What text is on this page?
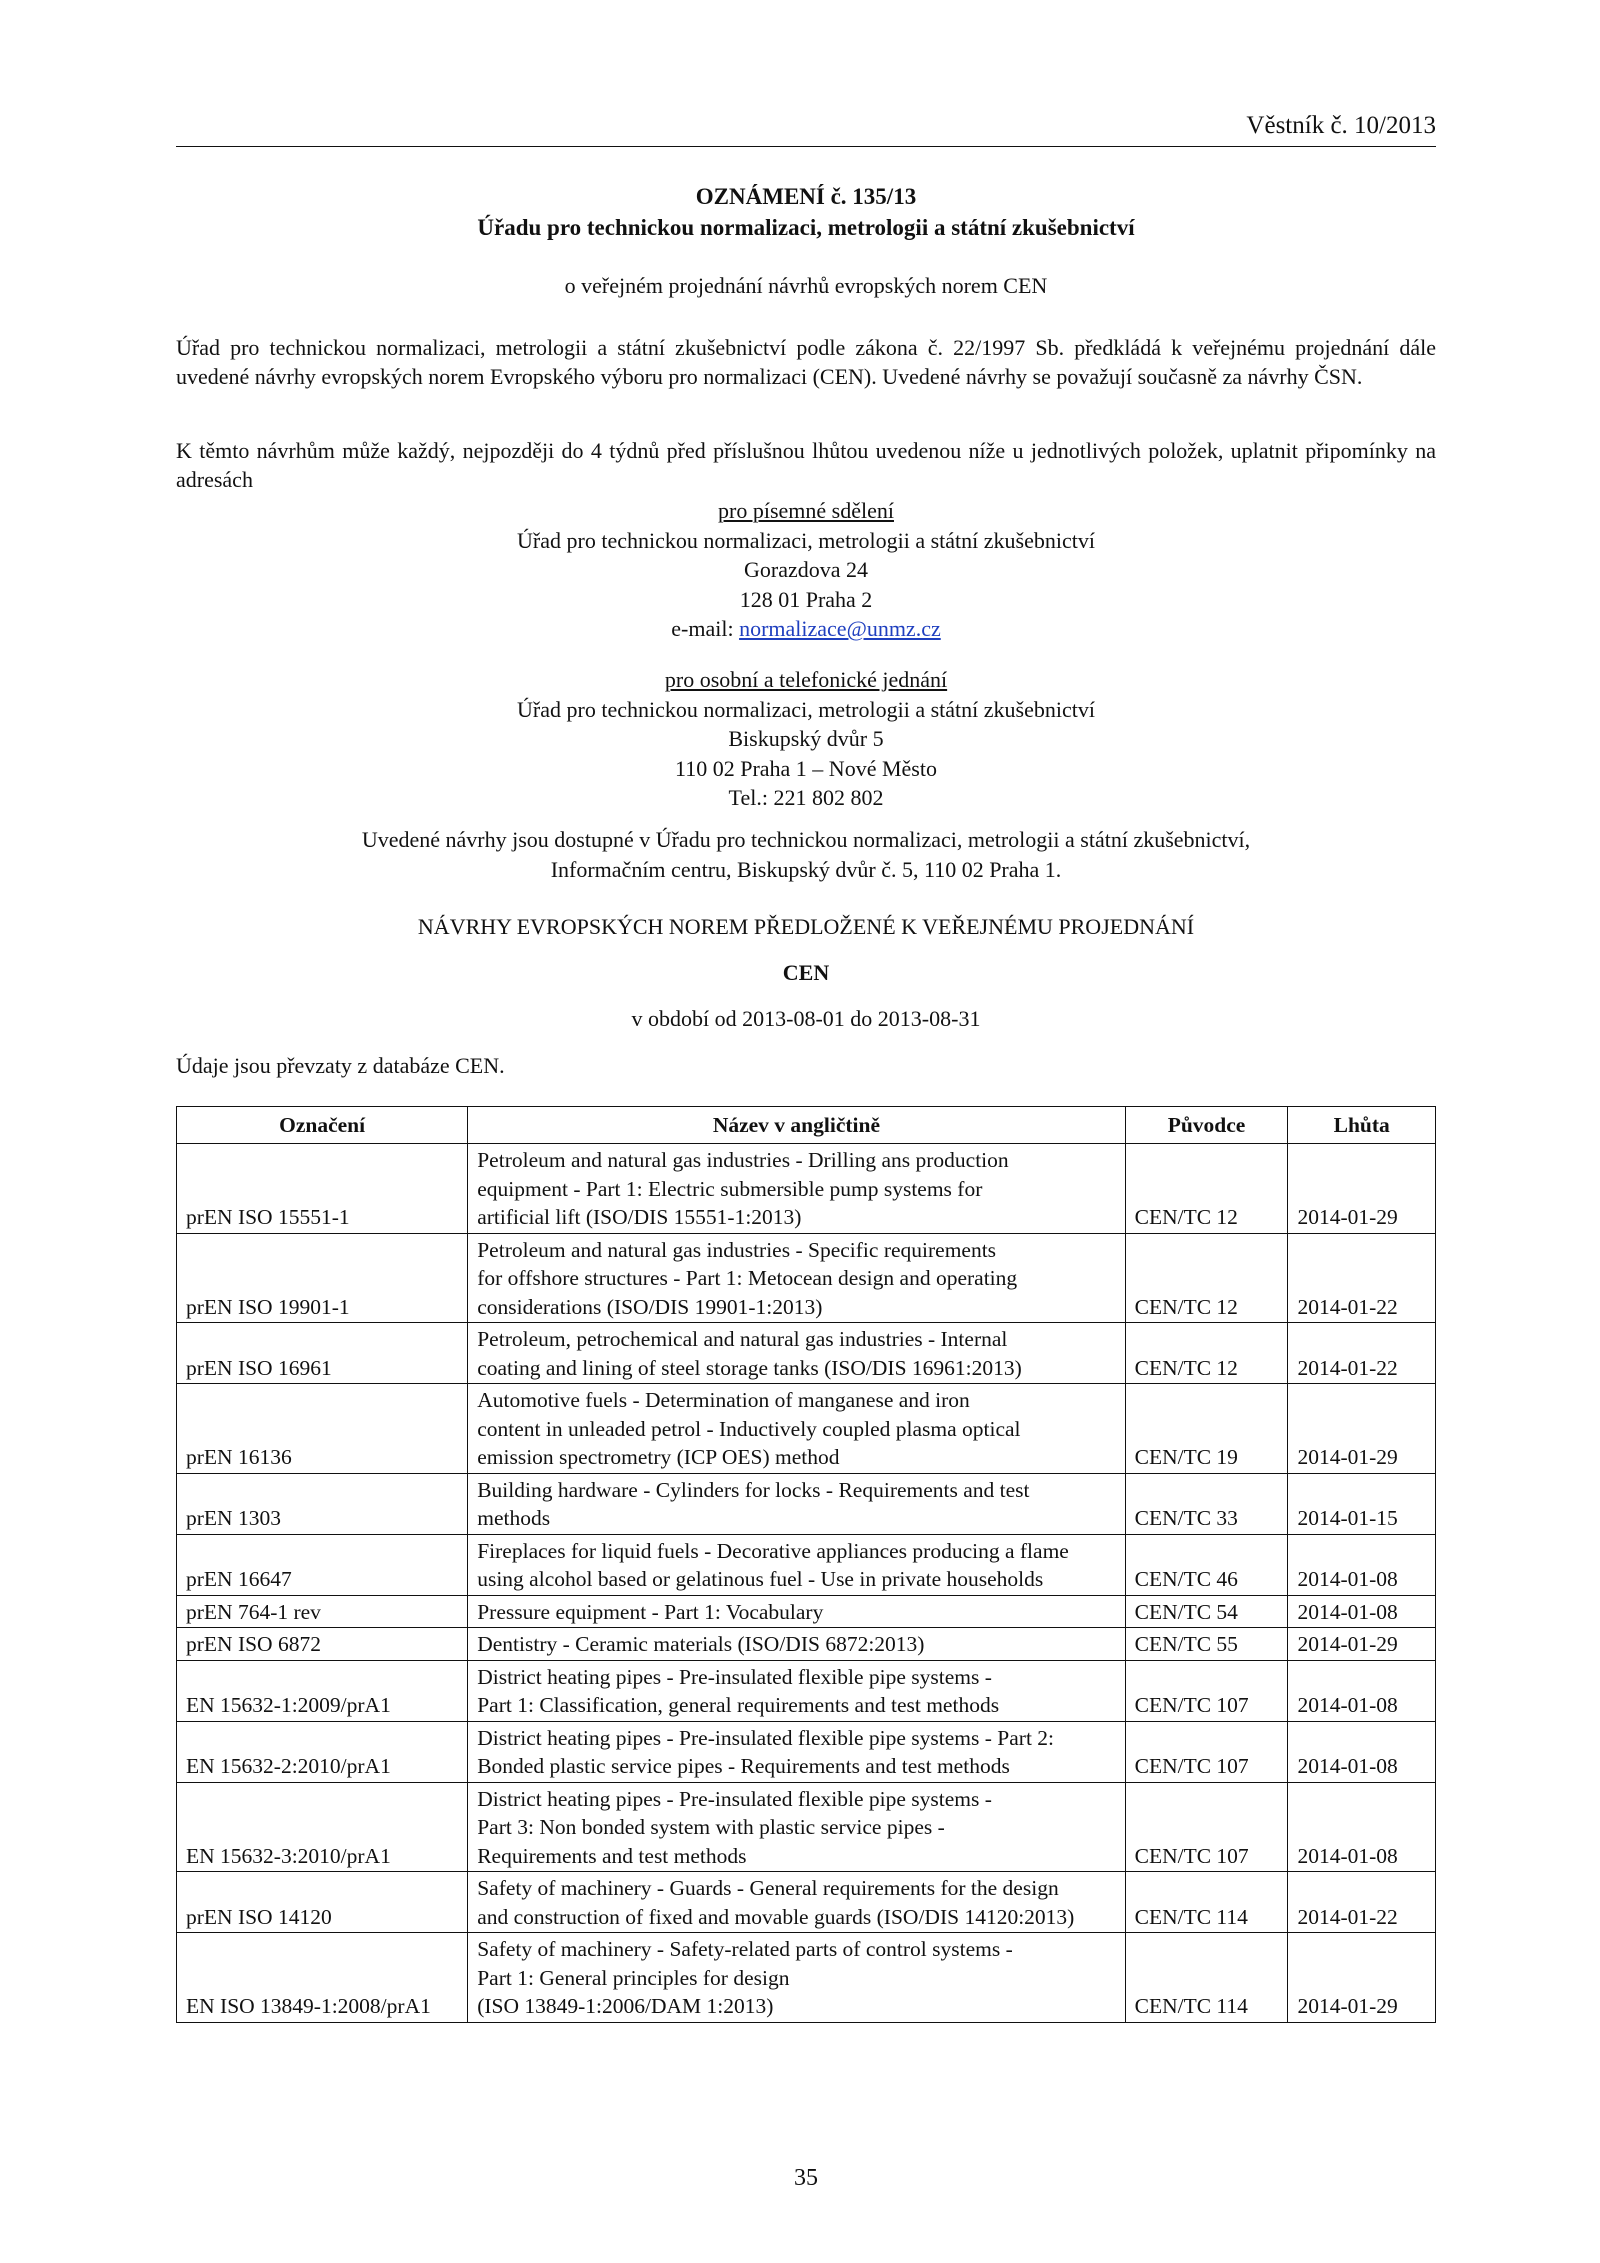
Věstník č. 10/2013
OZNÁMENÍ č. 135/13
Úřadu pro technickou normalizaci, metrologii a státní zkušebnictví
o veřejném projednání návrhů evropských norem CEN
Úřad pro technickou normalizaci, metrologii a státní zkušebnictví podle zákona č. 22/1997 Sb. předkládá k veřejnému projednání dále uvedené návrhy evropských norem Evropského výboru pro normalizaci (CEN). Uvedené návrhy se považují současně za návrhy ČSN.
K těmto návrhům může každý, nejpozději do 4 týdnů před příslušnou lhůtou uvedenou níže u jednotlivých položek, uplatnit připomínky na adresách
pro písemné sdělení
Úřad pro technickou normalizaci, metrologii a státní zkušebnictví
Gorazdova 24
128 01 Praha 2
e-mail: normalizace@unmz.cz
pro osobní a telefonické jednání
Úřad pro technickou normalizaci, metrologii a státní zkušebnictví
Biskupský dvůr 5
110 02 Praha 1 – Nové Město
Tel.: 221 802 802
Uvedené návrhy jsou dostupné v Úřadu pro technickou normalizaci, metrologii a státní zkušebnictví,
Informačním centru, Biskupský dvůr č. 5, 110 02 Praha 1.
NÁVRHY EVROPSKÝCH NOREM PŘEDLOŽENÉ K VEŘEJNÉMU PROJEDNÁNÍ
CEN
v období od 2013-08-01 do 2013-08-31
Údaje jsou převzaty z databáze CEN.
Označení	Název v angličtině	Původce	Lhůta
prEN ISO 15551-1	Petroleum and natural gas industries - Drilling ans production
equipment - Part 1: Electric submersible pump systems for
artificial lift (ISO/DIS 15551-1:2013)	CEN/TC 12	2014-01-29
prEN ISO 19901-1	Petroleum and natural gas industries - Specific requirements
for offshore structures - Part 1: Metocean design and operating
considerations (ISO/DIS 19901-1:2013)	CEN/TC 12	2014-01-22
prEN ISO 16961	Petroleum, petrochemical and natural gas industries - Internal
coating and lining of steel storage tanks (ISO/DIS 16961:2013)	CEN/TC 12	2014-01-22
prEN 16136	Automotive fuels - Determination of manganese and iron
content in unleaded petrol - Inductively coupled plasma optical
emission spectrometry (ICP OES) method	CEN/TC 19	2014-01-29
prEN 1303	Building hardware - Cylinders for locks - Requirements and test
methods	CEN/TC 33	2014-01-15
prEN 16647	Fireplaces for liquid fuels - Decorative appliances producing a flame
using alcohol based or gelatinous fuel - Use in private households	CEN/TC 46	2014-01-08
prEN 764-1 rev	Pressure equipment - Part 1: Vocabulary	CEN/TC 54	2014-01-08
prEN ISO 6872	Dentistry - Ceramic materials (ISO/DIS 6872:2013)	CEN/TC 55	2014-01-29
EN 15632-1:2009/prA1	District heating pipes - Pre-insulated flexible pipe systems -
Part 1: Classification, general requirements and test methods	CEN/TC 107	2014-01-08
EN 15632-2:2010/prA1	District heating pipes - Pre-insulated flexible pipe systems - Part 2:
Bonded plastic service pipes - Requirements and test methods	CEN/TC 107	2014-01-08
EN 15632-3:2010/prA1	District heating pipes - Pre-insulated flexible pipe systems -
Part 3: Non bonded system with plastic service pipes -
Requirements and test methods	CEN/TC 107	2014-01-08
prEN ISO 14120	Safety of machinery - Guards - General requirements for the design
and construction of fixed and movable guards (ISO/DIS 14120:2013)	CEN/TC 114	2014-01-22
EN ISO 13849-1:2008/prA1	Safety of machinery - Safety-related parts of control systems -
Part 1: General principles for design
(ISO 13849-1:2006/DAM 1:2013)	CEN/TC 114	2014-01-29
35
